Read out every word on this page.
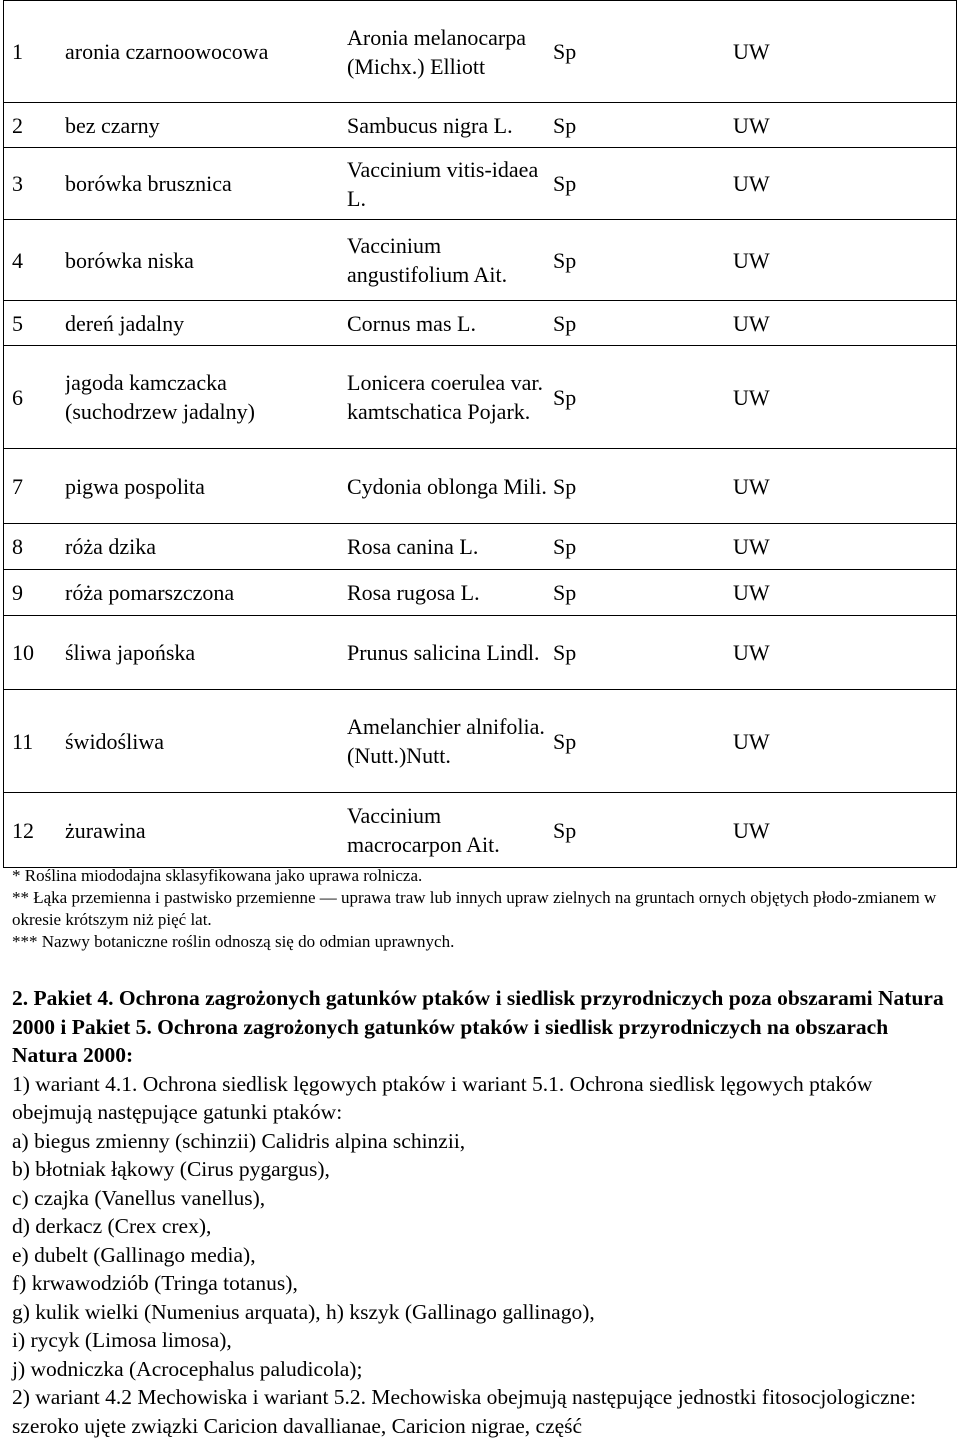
1	aronia czarnoowocowa	Aronia melanocarpa (Michx.) Elliott	Sp	UW
2	bez czarny	Sambucus nigra L.	Sp	UW
3	borówka brusznica	Vaccinium vitis-idaea L.	Sp	UW
4	borówka niska	Vaccinium angustifolium Ait.	Sp	UW
5	dereń jadalny	Cornus mas L.	Sp	UW
6	jagoda kamczacka (suchodrzew jadalny)	Lonicera coerulea var. kamtschatica Pojark.	Sp	UW
7	pigwa pospolita	Cydonia oblonga Mili.	Sp	UW
8	róża dzika	Rosa canina L.	Sp	UW
9	róża pomarszczona	Rosa rugosa L.	Sp	UW
10	śliwa japońska	Prunus salicina Lindl.	Sp	UW
11	świdośliwa	Amelanchier alnifolia. (Nutt.)Nutt.	Sp	UW
12	żurawina	Vaccinium macrocarpon Ait.	Sp	UW
* Roślina miododajna sklasyfikowana jako uprawa rolnicza.
** Łąka przemienna i pastwisko przemienne — uprawa traw lub innych upraw zielnych na gruntach ornych objętych płodo-zmianem w okresie krótszym niż pięć lat.
*** Nazwy botaniczne roślin odnoszą się do odmian uprawnych.

2. Pakiet 4. Ochrona zagrożonych gatunków ptaków i siedlisk przyrodniczych poza obszarami Natura 2000 i Pakiet 5. Ochrona zagrożonych gatunków ptaków i siedlisk przyrodniczych na obszarach Natura 2000:

1) wariant 4.1. Ochrona siedlisk lęgowych ptaków i wariant 5.1. Ochrona siedlisk lęgowych ptaków obejmują następujące gatunki ptaków:

a) biegus zmienny (schinzii) Calidris alpina schinzii,

b) błotniak łąkowy (Cirus pygargus),

c) czajka (Vanellus vanellus),

d) derkacz (Crex crex),

e) dubelt (Gallinago media),

f) krwawodziób (Tringa totanus),

g) kulik wielki (Numenius arquata), h) kszyk (Gallinago gallinago),

i) rycyk (Limosa limosa),

j) wodniczka (Acrocephalus paludicola);

2) wariant 4.2 Mechowiska i wariant 5.2. Mechowiska obejmują następujące jednostki fitosocjologiczne: szeroko ujęte związki Caricion davallianae, Caricion nigrae, część
